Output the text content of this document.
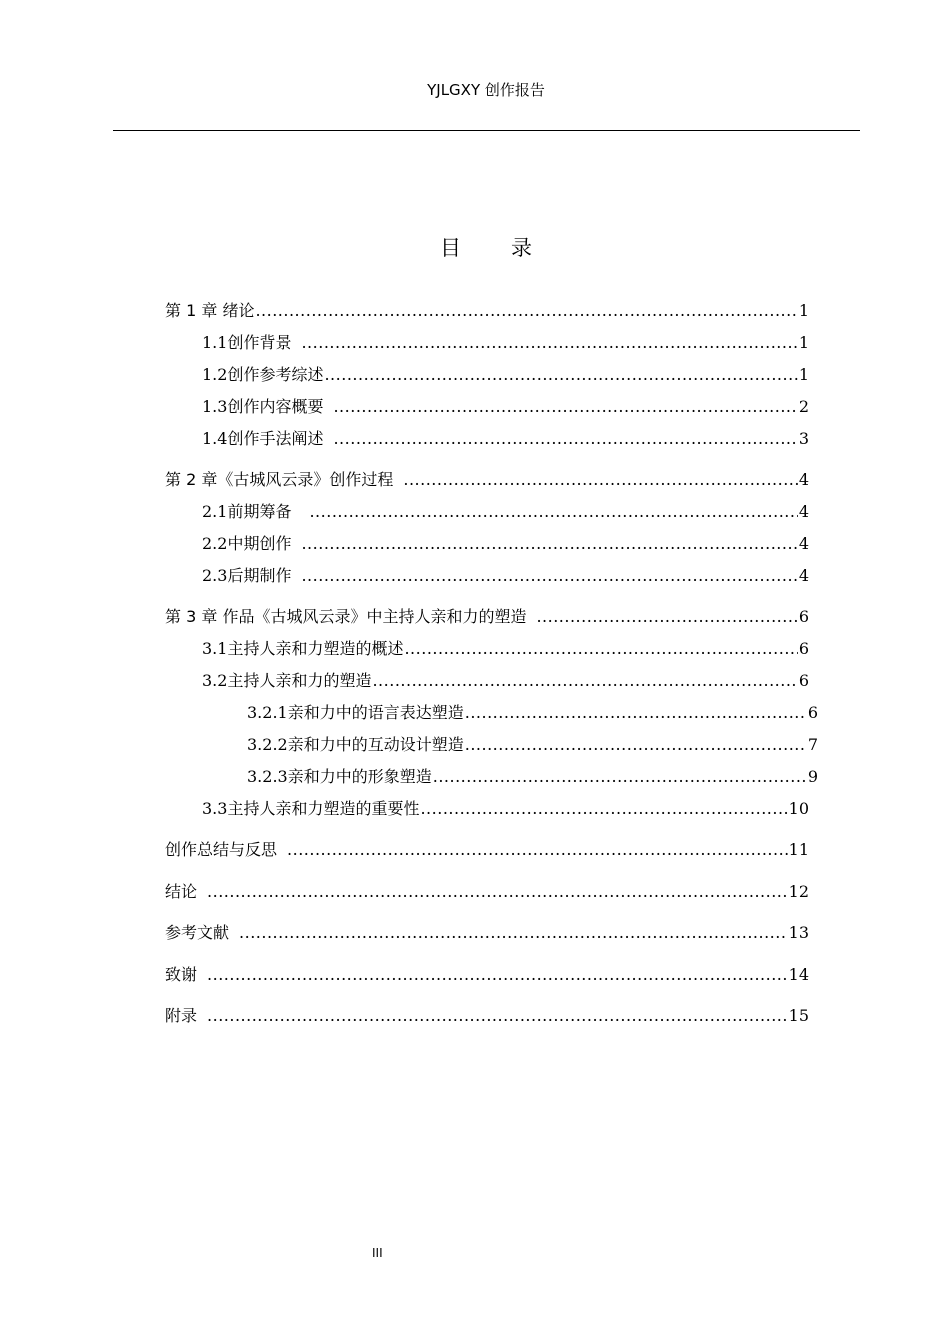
YJLGXY 创作报告
目录
第 1 章 绪论 .....	1
1.1 创作背景 .....	1
1.2 创作参考综述 .....	1
1.3 创作内容概要 .....	2
1.4 创作手法阐述 .....	3
第 2 章《古城风云录》创作过程 .....	4
2.1 前期筹备 .....	4
2.2 中期创作 .....	4
2.3 后期制作 .....	4
第 3 章 作品《古城风云录》中主持人亲和力的塑造 .....	6
3.1 主持人亲和力塑造的概述 .....	6
3.2 主持人亲和力的塑造 .....	6
3.2.1 亲和力中的语言表达塑造 .....	6
3.2.2 亲和力中的互动设计塑造 .....	7
3.2.3 亲和力中的形象塑造 .....	9
3.3 主持人亲和力塑造的重要性 .....	10
创作总结与反思 .....	11
结论 .....	12
参考文献 .....	13
致谢 .....	14
附录 .....	15
III
